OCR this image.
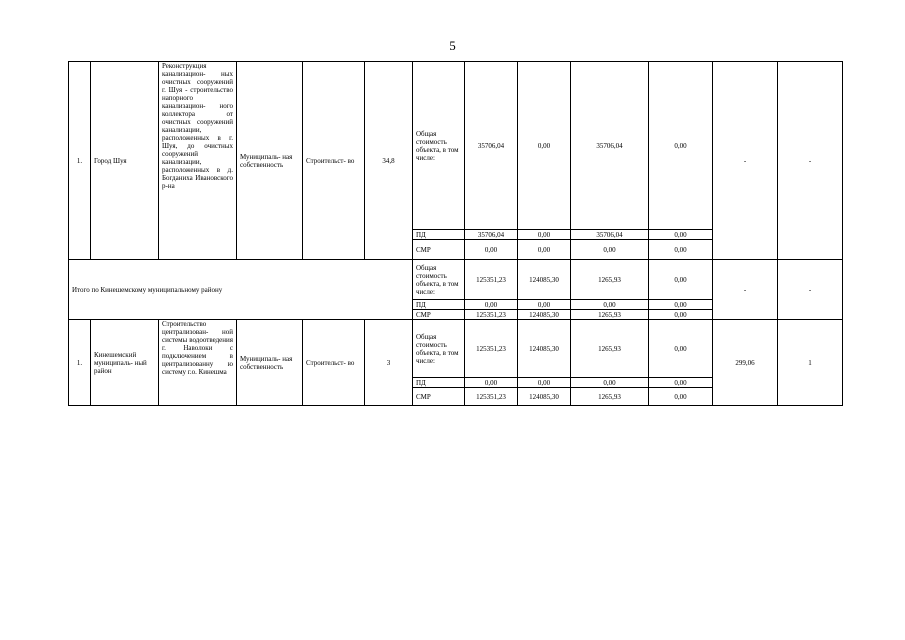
5
1.	Город Шуя	Реконструкция канализацион- ных очистных сооружений г. Шуя - строительство напорного канализацион- ного коллектора от очистных сооружений канализации, расположенных в г. Шуя, до очистных сооружений канализации, расположенных в д. Богданиха Ивановского р-на	Муниципаль- ная собственность	Строительст- во	34,8	Общая стоимость объекта, в том числе:	35706,04	0,00	35706,04	0,00	-	-
						ПД	35706,04	0,00	35706,04	0,00		
						СМР	0,00	0,00	0,00	0,00		
Итого по Кинешемскому муниципальному району						Общая стоимость объекта, в том числе:	125351,23	124085,30	1265,93	0,00	-	-
						ПД	0,00	0,00	0,00	0,00		
						СМР	125351,23	124085,30	1265,93	0,00		
1.	Кинешемский муниципаль- ный район	Строительство централизован- ной системы водоотведения г. Наволоки с подключением в централизованну ю систему г.о. Кинешма	Муниципаль- ная собственность	Строительст- во	3	Общая стоимость объекта, в том числе:	125351,23	124085,30	1265,93	0,00	299,06	1
						ПД	0,00	0,00	0,00	0,00		
						СМР	125351,23	124085,30	1265,93	0,00		
